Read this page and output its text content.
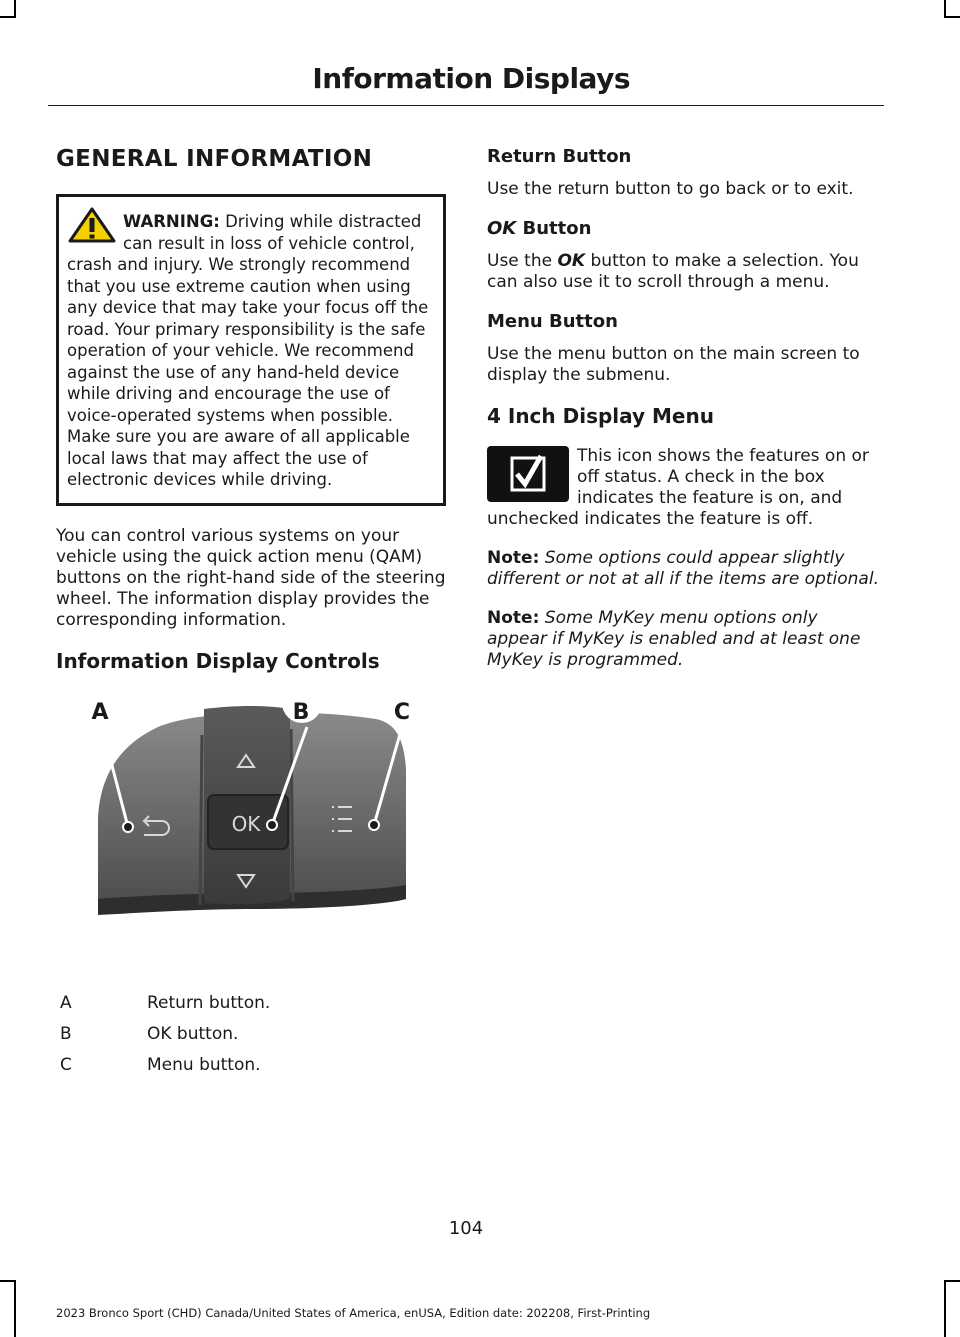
Information Displays
GENERAL INFORMATION
WARNING: Driving while distracted can result in loss of vehicle control, crash and injury. We strongly recommend that you use extreme caution when using any device that may take your focus off the road. Your primary responsibility is the safe operation of your vehicle. We recommend against the use of any hand-held device while driving and encourage the use of voice-operated systems when possible. Make sure you are aware of all applicable local laws that may affect the use of electronic devices while driving.

You can control various systems on your vehicle using the quick action menu (QAM) buttons on the right-hand side of the steering wheel. The information display provides the corresponding information.

Information Display Controls
OK
A	B	C
A	Return button.
B	OK button.
C	Menu button.
Return Button

Use the return button to go back or to exit.

OK Button

Use the OK button to make a selection. You can also use it to scroll through a menu.

Menu Button

Use the menu button on the main screen to display the submenu.

4 Inch Display Menu

This icon shows the features on or off status. A check in the box indicates the feature is on, and unchecked indicates the feature is off.

Note: Some options could appear slightly different or not at all if the items are optional.

Note: Some MyKey menu options only appear if MyKey is enabled and at least one MyKey is programmed.

104
2023 Bronco Sport (CHD) Canada/United States of America, enUSA, Edition date: 202208, First-Printing
